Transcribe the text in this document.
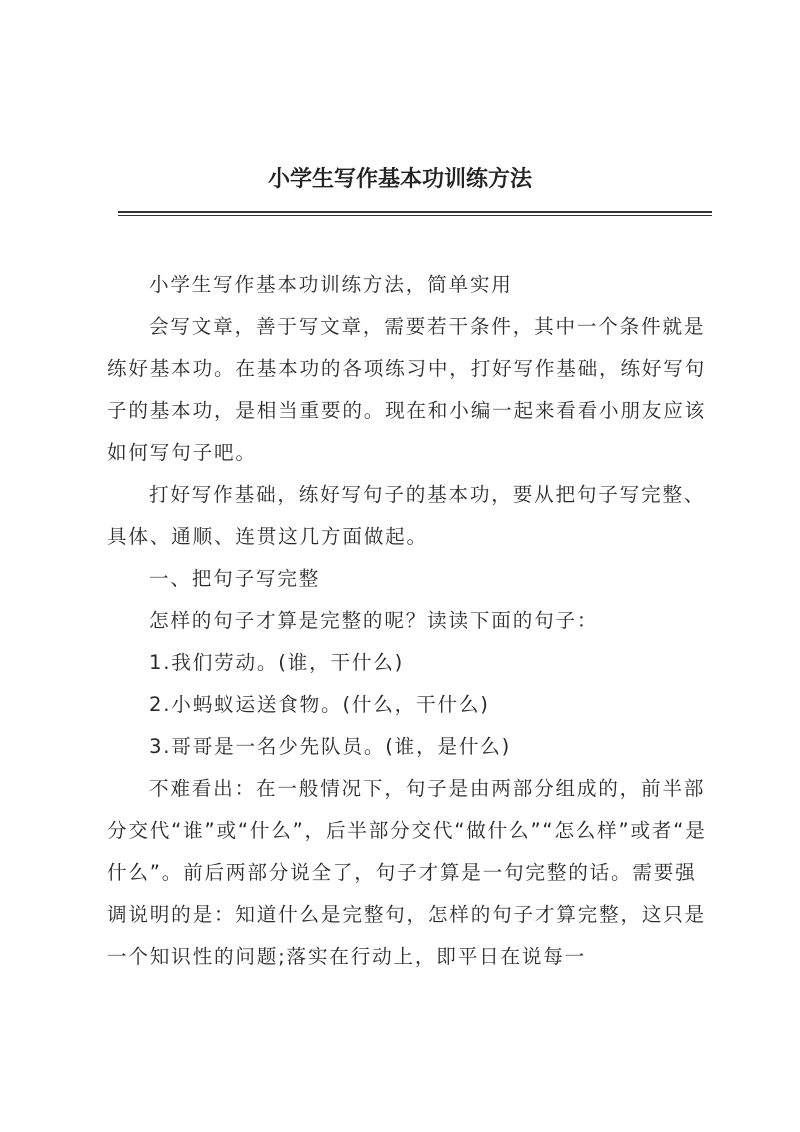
小学生写作基本功训练方法

小学生写作基本功训练方法，简单实用

会写文章，善于写文章，需要若干条件，其中一个条件就是练好基本功。在基本功的各项练习中，打好写作基础，练好写句子的基本功，是相当重要的。现在和小编一起来看看小朋友应该如何写句子吧。

打好写作基础，练好写句子的基本功，要从把句子写完整、具体、通顺、连贯这几方面做起。

一、把句子写完整

怎样的句子才算是完整的呢？读读下面的句子：

1.我们劳动。(谁，干什么)

2.小蚂蚁运送食物。(什么，干什么)

3.哥哥是一名少先队员。(谁，是什么)

不难看出：在一般情况下，句子是由两部分组成的，前半部分交代“谁”或“什么”，后半部分交代“做什么”“怎么样”或者“是什么”。前后两部分说全了，句子才算是一句完整的话。需要强调说明的是：知道什么是完整句，怎样的句子才算完整，这只是一个知识性的问题;落实在行动上，即平日在说每一
